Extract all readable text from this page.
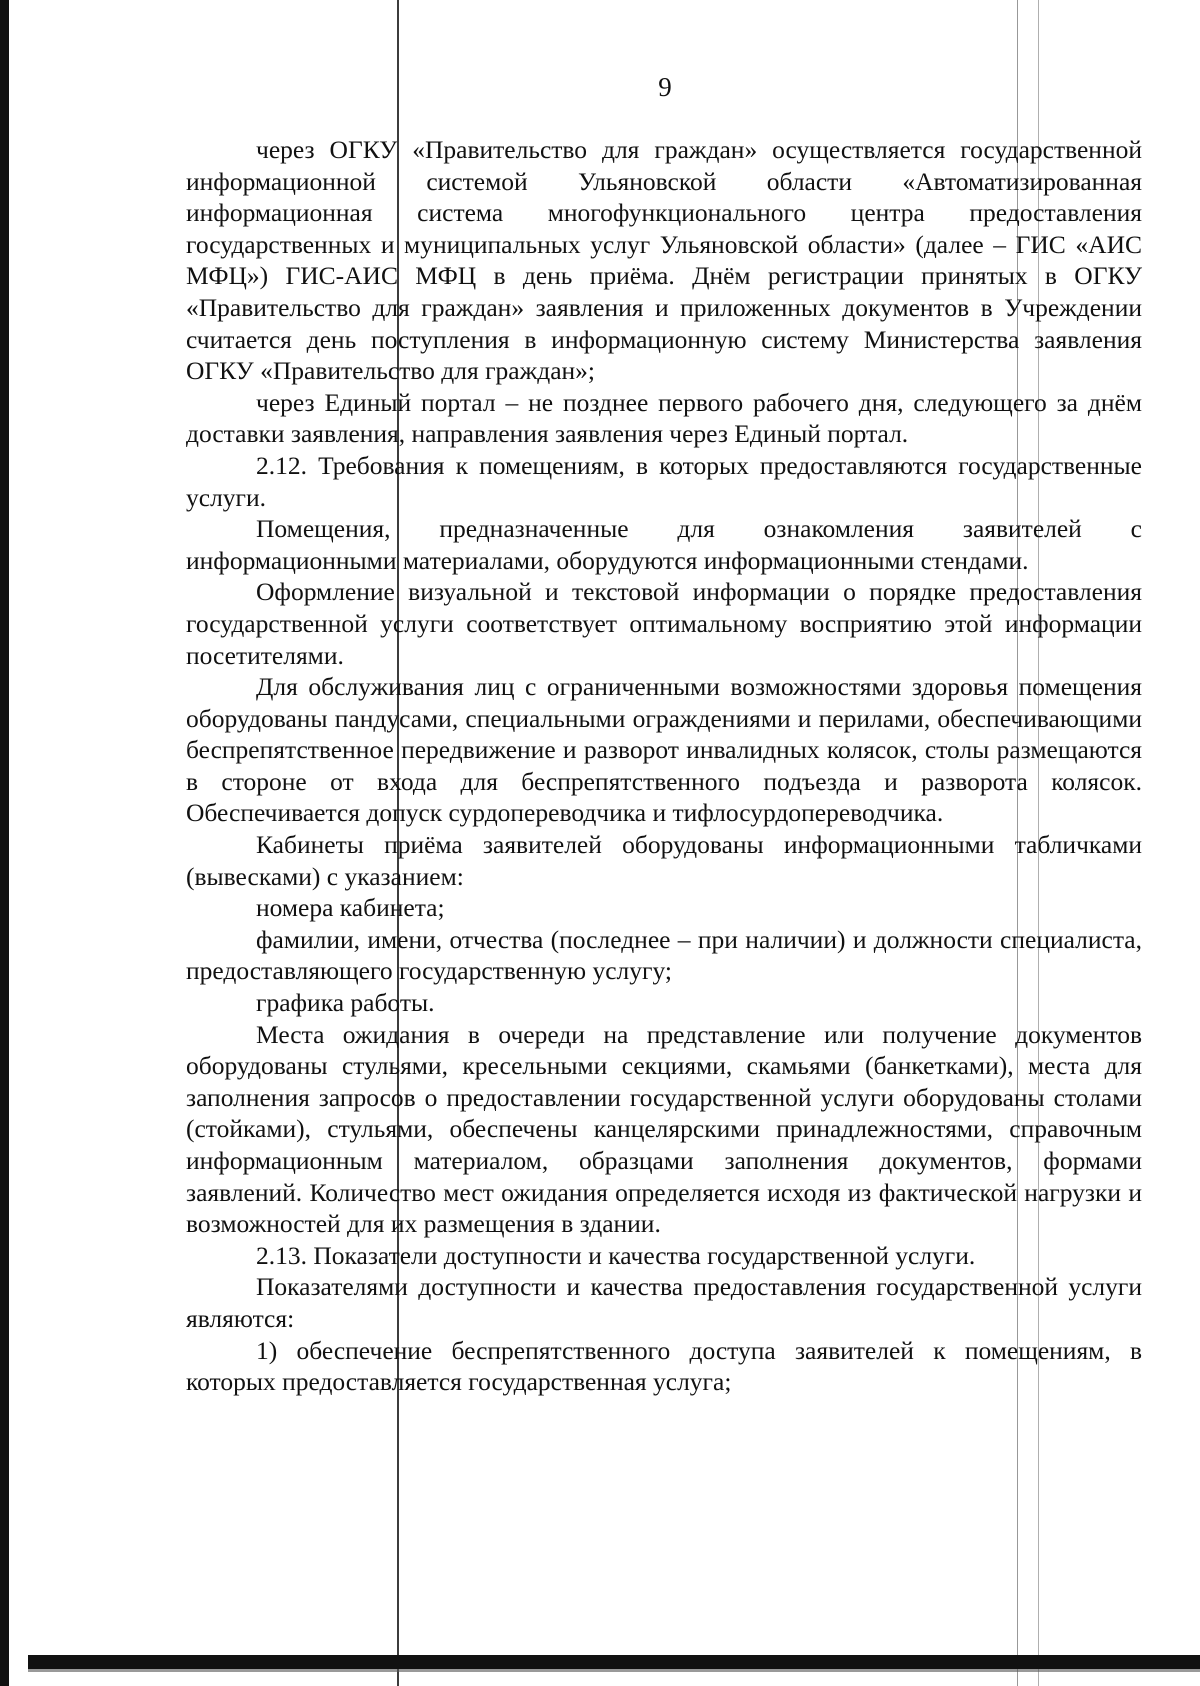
9

через ОГКУ «Правительство для граждан» осуществляется государственной информационной системой Ульяновской области «Автоматизированная информационная система многофункционального центра предоставления государственных и муниципальных услуг Ульяновской области» (далее – ГИС «АИС МФЦ») ГИС-АИС МФЦ в день приёма. Днём регистрации принятых в ОГКУ «Правительство для граждан» заявления и приложенных документов в Учреждении считается день поступления в информационную систему Министерства заявления ОГКУ «Правительство для граждан»;

через Единый портал – не позднее первого рабочего дня, следующего за днём доставки заявления, направления заявления через Единый портал.

2.12. Требования к помещениям, в которых предоставляются государственные услуги.

Помещения, предназначенные для ознакомления заявителей с информационными материалами, оборудуются информационными стендами.

Оформление визуальной и текстовой информации о порядке предоставления государственной услуги соответствует оптимальному восприятию этой информации посетителями.

Для обслуживания лиц с ограниченными возможностями здоровья помещения оборудованы пандусами, специальными ограждениями и перилами, обеспечивающими беспрепятственное передвижение и разворот инвалидных колясок, столы размещаются в стороне от входа для беспрепятственного подъезда и разворота колясок. Обеспечивается допуск сурдопереводчика и тифлосурдопереводчика.

Кабинеты приёма заявителей оборудованы информационными табличками (вывесками) с указанием:

номера кабинета;

фамилии, имени, отчества (последнее – при наличии) и должности специалиста, предоставляющего государственную услугу;

графика работы.

Места ожидания в очереди на представление или получение документов оборудованы стульями, кресельными секциями, скамьями (банкетками), места для заполнения запросов о предоставлении государственной услуги оборудованы столами (стойками), стульями, обеспечены канцелярскими принадлежностями, справочным информационным материалом, образцами заполнения документов, формами заявлений. Количество мест ожидания определяется исходя из фактической нагрузки и возможностей для их размещения в здании.

2.13. Показатели доступности и качества государственной услуги.

Показателями доступности и качества предоставления государственной услуги являются:

1) обеспечение беспрепятственного доступа заявителей к помещениям, в которых предоставляется государственная услуга;
